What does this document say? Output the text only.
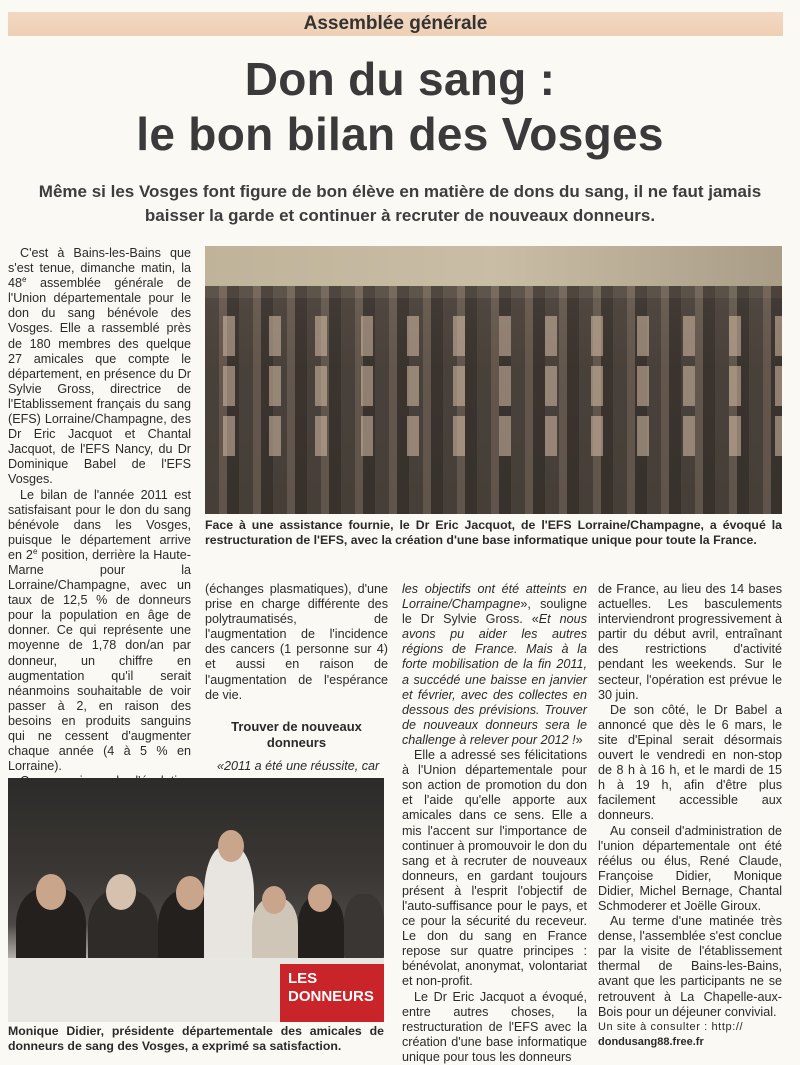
Assemblée générale
Don du sang :
le bon bilan des Vosges
Même si les Vosges font figure de bon élève en matière de dons du sang, il ne faut jamais baisser la garde et continuer à recruter de nouveaux donneurs.

C'est à Bains-les-Bains que s'est tenue, dimanche matin, la 48e assemblée générale de l'Union départementale pour le don du sang bénévole des Vosges. Elle a rassemblé près de 180 membres des quelque 27 amicales que compte le département, en présence du Dr Sylvie Gross, directrice de l'Etablissement français du sang (EFS) Lorraine/Champagne, des Dr Eric Jacquot et Chantal Jacquot, de l'EFS Nancy, du Dr Dominique Babel de l'EFS Vosges.

Le bilan de l'année 2011 est satisfaisant pour le don du sang bénévole dans les Vosges, puisque le département arrive en 2e position, derrière la Haute-Marne pour la Lorraine/Champagne, avec un taux de 12,5 % de donneurs pour la population en âge de donner. Ce qui représente une moyenne de 1,78 don/an par donneur, un chiffre en augmentation qu'il serait néanmoins souhaitable de voir passer à 2, en raison des besoins en produits sanguins qui ne cessent d'augmenter chaque année (4 à 5 % en Lorraine).

Face à une assistance fournie, le Dr Eric Jacquot, de l'EFS Lorraine/Champagne, a évoqué la restructuration de l'EFS, avec la création d'une base informatique unique pour toute la France.

(échanges plasmatiques), d'une prise en charge différente des polytraumatisés, de l'augmentation de l'incidence des cancers (1 personne sur 4) et aussi en raison de l'augmentation de l'espérance de vie.

Trouver de nouveaux donneurs

«2011 a été une réussite, car

les objectifs ont été atteints en Lorraine/Champagne», souligne le Dr Sylvie Gross. «Et nous avons pu aider les autres régions de France. Mais à la forte mobilisation de la fin 2011, a succédé une baisse en janvier et février, avec des collectes en dessous des prévisions. Trouver de nouveaux donneurs sera le challenge à relever pour 2012 !»

Elle a adressé ses félicitations à l'Union départementale pour son action de promotion du don et l'aide qu'elle apporte aux amicales dans ce sens. Elle a mis l'accent sur l'importance de continuer à promouvoir le don du sang et à recruter de nouveaux donneurs, en gardant toujours présent à l'esprit l'objectif de l'auto-suffisance pour le pays, et ce pour la sécurité du receveur. Le don du sang en France repose sur quatre principes : bénévolat, anonymat, volontariat et non-profit.

Le Dr Eric Jacquot a évoqué, entre autres choses, la restructuration de l'EFS avec la création d'une base informatique unique pour tous les donneurs

de France, au lieu des 14 bases actuelles. Les basculements interviendront progressivement à partir du début avril, entraînant des restrictions d'activité pendant les weekends. Sur le secteur, l'opération est prévue le 30 juin.

De son côté, le Dr Babel a annoncé que dès le 6 mars, le site d'Epinal serait désormais ouvert le vendredi en non-stop de 8 h à 16 h, et le mardi de 15 h à 19 h, afin d'être plus facilement accessible aux donneurs.

Au conseil d'administration de l'union départementale ont été réélus ou élus, René Claude, Françoise Didier, Monique Didier, Michel Bernage, Chantal Schmoderer et Joëlle Giroux.

Au terme d'une matinée très dense, l'assemblée s'est conclue par la visite de l'établissement thermal de Bains-les-Bains, avant que les participants ne se retrouvent à La Chapelle-aux-Bois pour un déjeuner convivial.

Un site à consulter : http://
dondusang88.free.fr
LES DONNEURS
Monique Didier, présidente départementale des amicales de donneurs de sang des Vosges, a exprimé sa satisfaction.
